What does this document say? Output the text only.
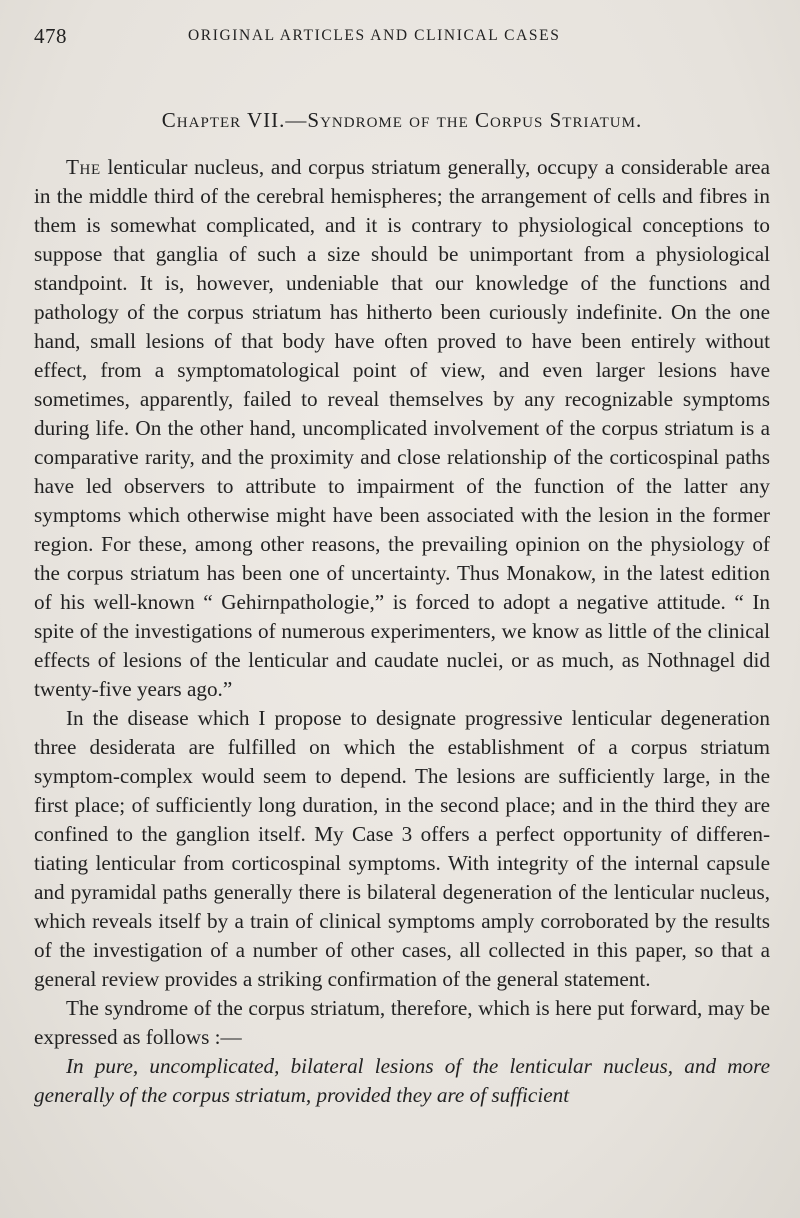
478	ORIGINAL ARTICLES AND CLINICAL CASES
Chapter VII.—Syndrome of the Corpus Striatum.

The lenticular nucleus, and corpus striatum generally, occupy a considerable area in the middle third of the cerebral hemispheres; the arrangement of cells and fibres in them is somewhat complicated, and it is contrary to physiological conceptions to suppose that ganglia of such a size should be unimportant from a physiological standpoint. It is, however, undeniable that our knowledge of the functions and pathology of the corpus striatum has hitherto been curiously indefinite. On the one hand, small lesions of that body have often proved to have been entirely without effect, from a symptomatological point of view, and even larger lesions have sometimes, apparently, failed to reveal themselves by any recognizable symptoms during life. On the other hand, uncomplicated involvement of the corpus striatum is a comparative rarity, and the proximity and close relationship of the corticospinal paths have led observers to attribute to impairment of the function of the latter any symptoms which otherwise might have been associated with the lesion in the former region. For these, among other reasons, the prevailing opinion on the physiology of the corpus striatum has been one of uncertainty. Thus Monakow, in the latest edition of his well-known “ Gehirnpathologie,” is forced to adopt a negative attitude. “ In spite of the investigations of numerous experimenters, we know as little of the clinical effects of lesions of the lenticular and caudate nuclei, or as much, as Nothnagel did twenty-five years ago.”

In the disease which I propose to designate progressive lenticular degeneration three desiderata are fulfilled on which the establishment of a corpus striatum symptom-complex would seem to depend. The lesions are sufficiently large, in the first place; of sufficiently long duration, in the second place; and in the third they are confined to the ganglion itself. My Case 3 offers a perfect opportunity of differentiating lenticular from corticospinal symptoms. With integrity of the internal capsule and pyramidal paths generally there is bilateral degeneration of the lenticular nucleus, which reveals itself by a train of clinical symptoms amply corroborated by the results of the investigation of a number of other cases, all collected in this paper, so that a general review provides a striking confirmation of the general statement.

The syndrome of the corpus striatum, therefore, which is here put forward, may be expressed as follows :—

In pure, uncomplicated, bilateral lesions of the lenticular nucleus, and more generally of the corpus striatum, provided they are of sufficient
